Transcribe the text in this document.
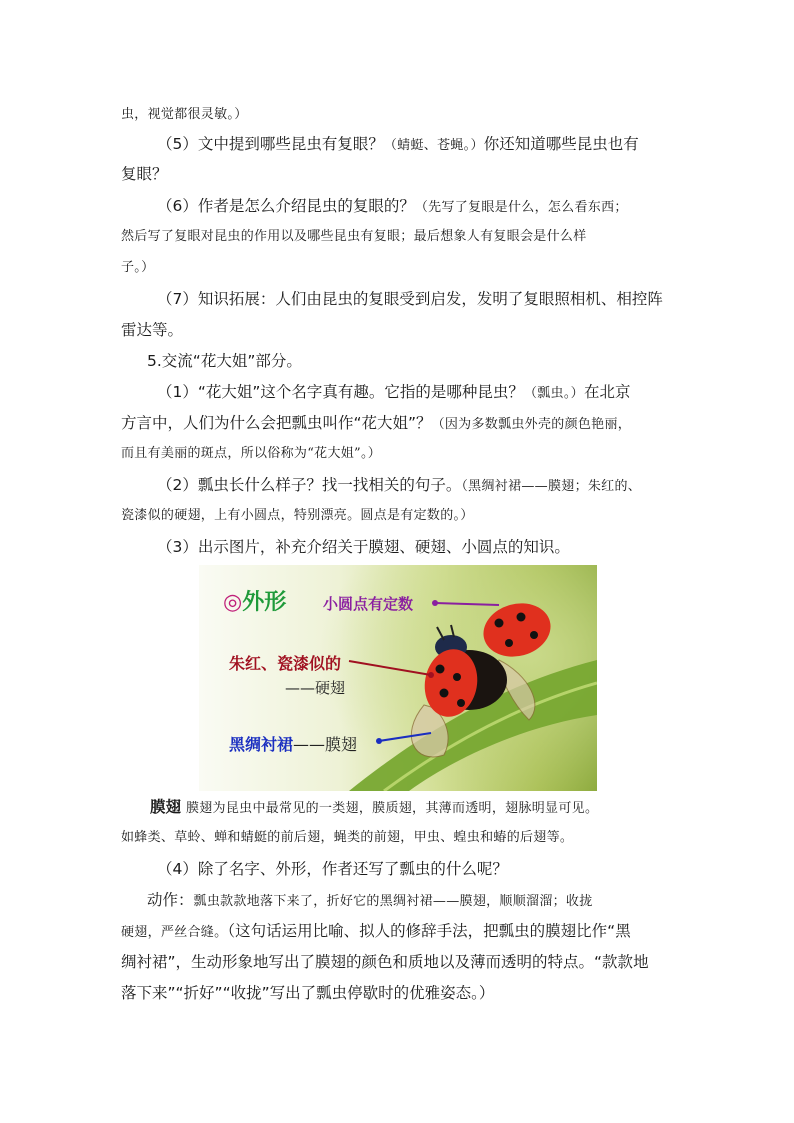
虫，视觉都很灵敏。）
（5）文中提到哪些昆虫有复眼？（蜻蜓、苍蝇。）你还知道哪些昆虫也有
复眼？
（6）作者是怎么介绍昆虫的复眼的？（先写了复眼是什么，怎么看东西；
然后写了复眼对昆虫的作用以及哪些昆虫有复眼；最后想象人有复眼会是什么样
子。）
（7）知识拓展：人们由昆虫的复眼受到启发，发明了复眼照相机、相控阵
雷达等。
5.交流“花大姐”部分。
（1）“花大姐”这个名字真有趣。它指的是哪种昆虫？（瓢虫。）在北京
方言中，人们为什么会把瓢虫叫作“花大姐”？（因为多数瓢虫外壳的颜色艳丽，
而且有美丽的斑点，所以俗称为“花大姐”。）
（2）瓢虫长什么样子？找一找相关的句子。（黑绸衬裙——膜翅；朱红的、
瓷漆似的硬翅，上有小圆点，特别漂亮。圆点是有定数的。）
（3）出示图片，补充介绍关于膜翅、硬翅、小圆点的知识。
◎外形 小圆点有定数
朱红、瓷漆似的
——硬翅
黑绸衬裙——膜翅
膜翅 膜翅为昆虫中最常见的一类翅，膜质翅，其薄而透明，翅脉明显可见。
如蜂类、草蛉、蝉和蜻蜓的前后翅，蝇类的前翅，甲虫、蝗虫和蝽的后翅等。
（4）除了名字、外形，作者还写了瓢虫的什么呢？
动作：瓢虫款款地落下来了，折好它的黑绸衬裙——膜翅，顺顺溜溜；收拢
硬翅，严丝合缝。（这句话运用比喻、拟人的修辞手法，把瓢虫的膜翅比作“黑
绸衬裙”，生动形象地写出了膜翅的颜色和质地以及薄而透明的特点。“款款地
落下来”“折好”“收拢”写出了瓢虫停歇时的优雅姿态。）
